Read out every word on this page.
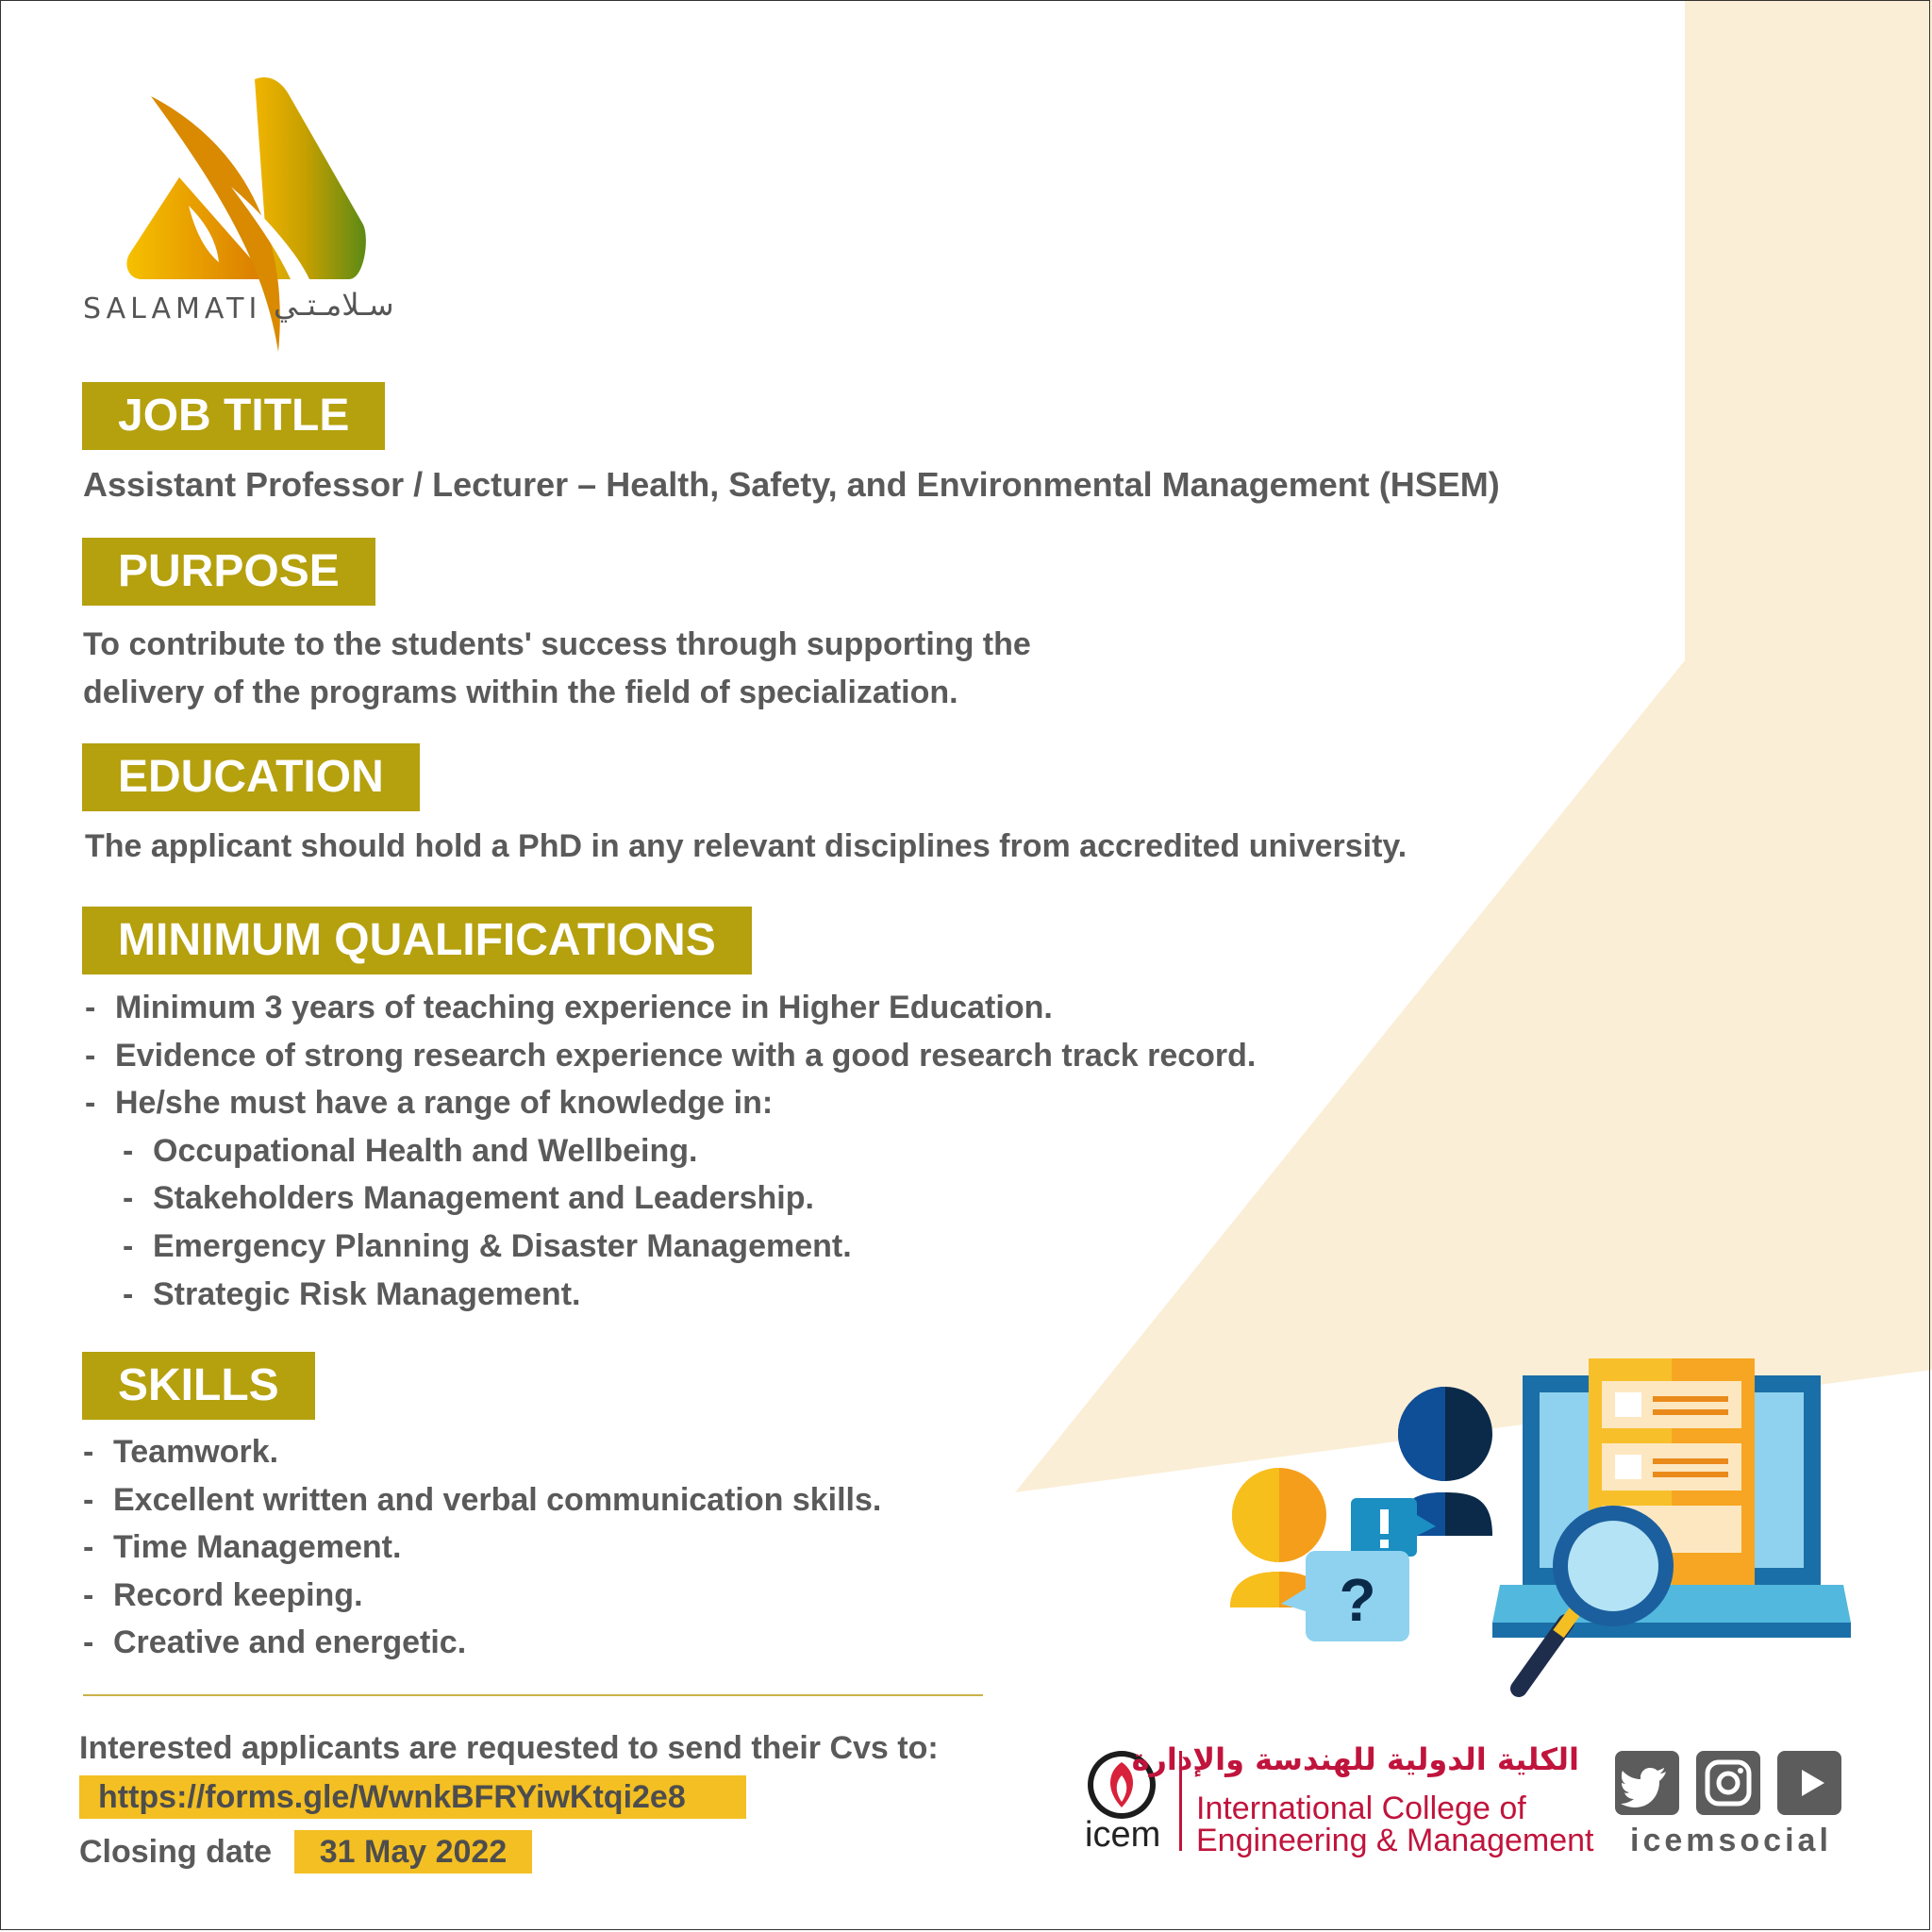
SALAMATI سـلامـتـي
JOB TITLE
Assistant Professor / Lecturer – Health, Safety, and Environmental Management (HSEM)
PURPOSE
To contribute to the students' success through supporting the
delivery of the programs within the field of specialization.
EDUCATION
The applicant should hold a PhD in any relevant disciplines from accredited university.
MINIMUM QUALIFICATIONS
- Minimum 3 years of teaching experience in Higher Education.
- Evidence of strong research experience with a good research track record.
- He/she must have a range of knowledge in:
- Occupational Health and Wellbeing.
- Stakeholders Management and Leadership.
- Emergency Planning & Disaster Management.
- Strategic Risk Management.
SKILLS
- Teamwork.
- Excellent written and verbal communication skills.
- Time Management.
- Record keeping.
- Creative and energetic.
Interested applicants are requested to send their Cvs to:
https://forms.gle/WwnkBFRYiwKtqi2e8
Closing date	31 May 2022
?
icem
الكلية الدولية للهندسة والإدارة
International College of
Engineering & Management icemsocial
